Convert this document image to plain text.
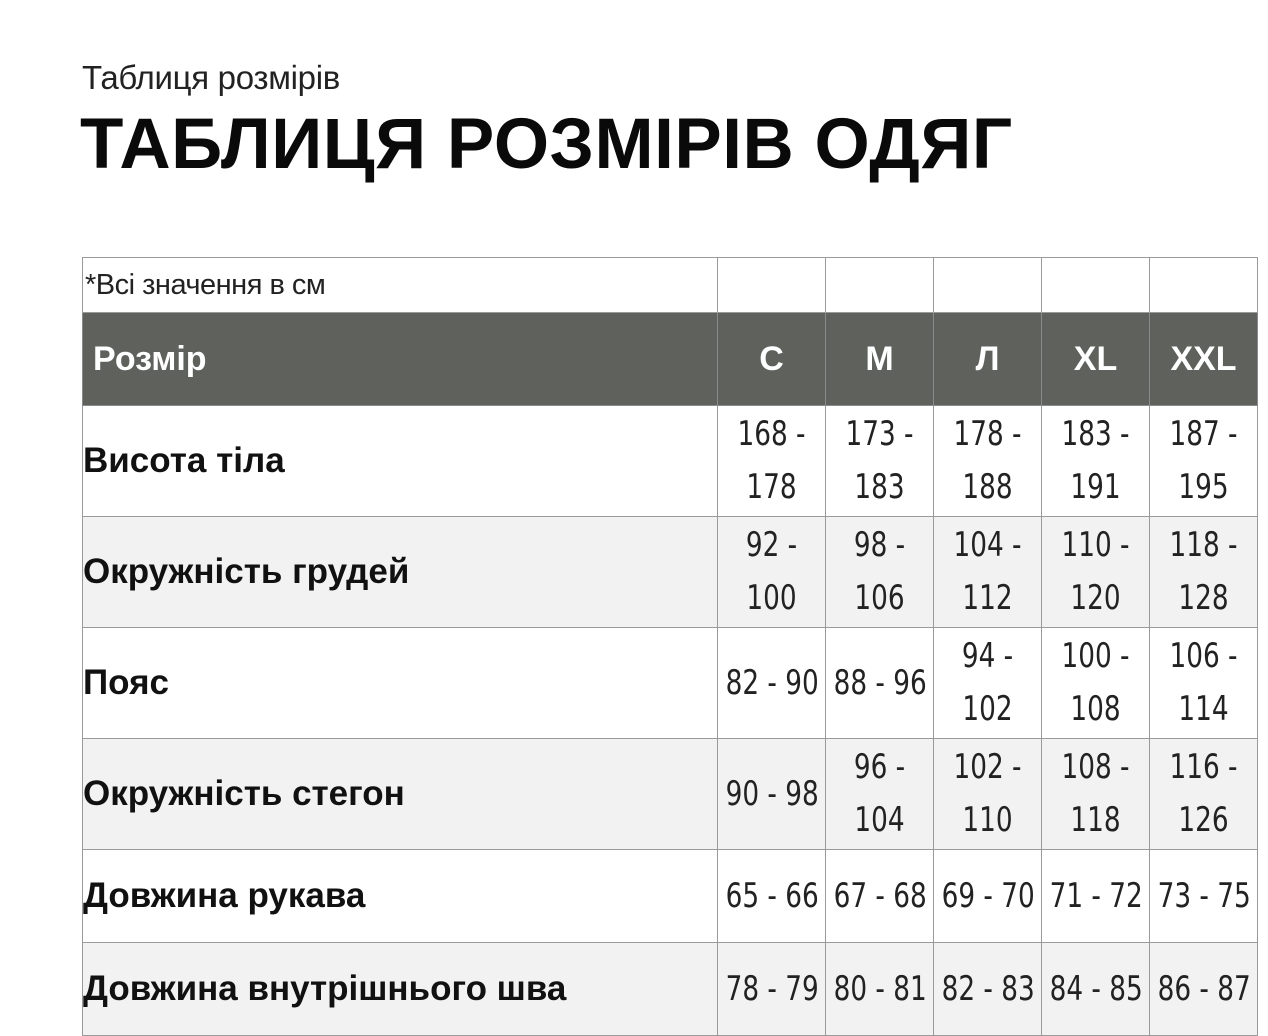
Таблиця розмірів
ТАБЛИЦЯ РОЗМІРІВ ОДЯГ
*Всі значення в см					

Розмір	С	М	Л	XL	XXL
Висота тіла	168 - 178	173 - 183	178 - 188	183 - 191	187 - 195
Окружність грудей	92 - 100	98 - 106	104 - 112	110 - 120	118 - 128
Пояс	82 - 90	88 - 96	94 - 102	100 - 108	106 - 114
Окружність стегон	90 - 98	96 - 104	102 - 110	108 - 118	116 - 126
Довжина рукава	65 - 66	67 - 68	69 - 70	71 - 72	73 - 75
Довжина внутрішнього шва	78 - 79	80 - 81	82 - 83	84 - 85	86 - 87
